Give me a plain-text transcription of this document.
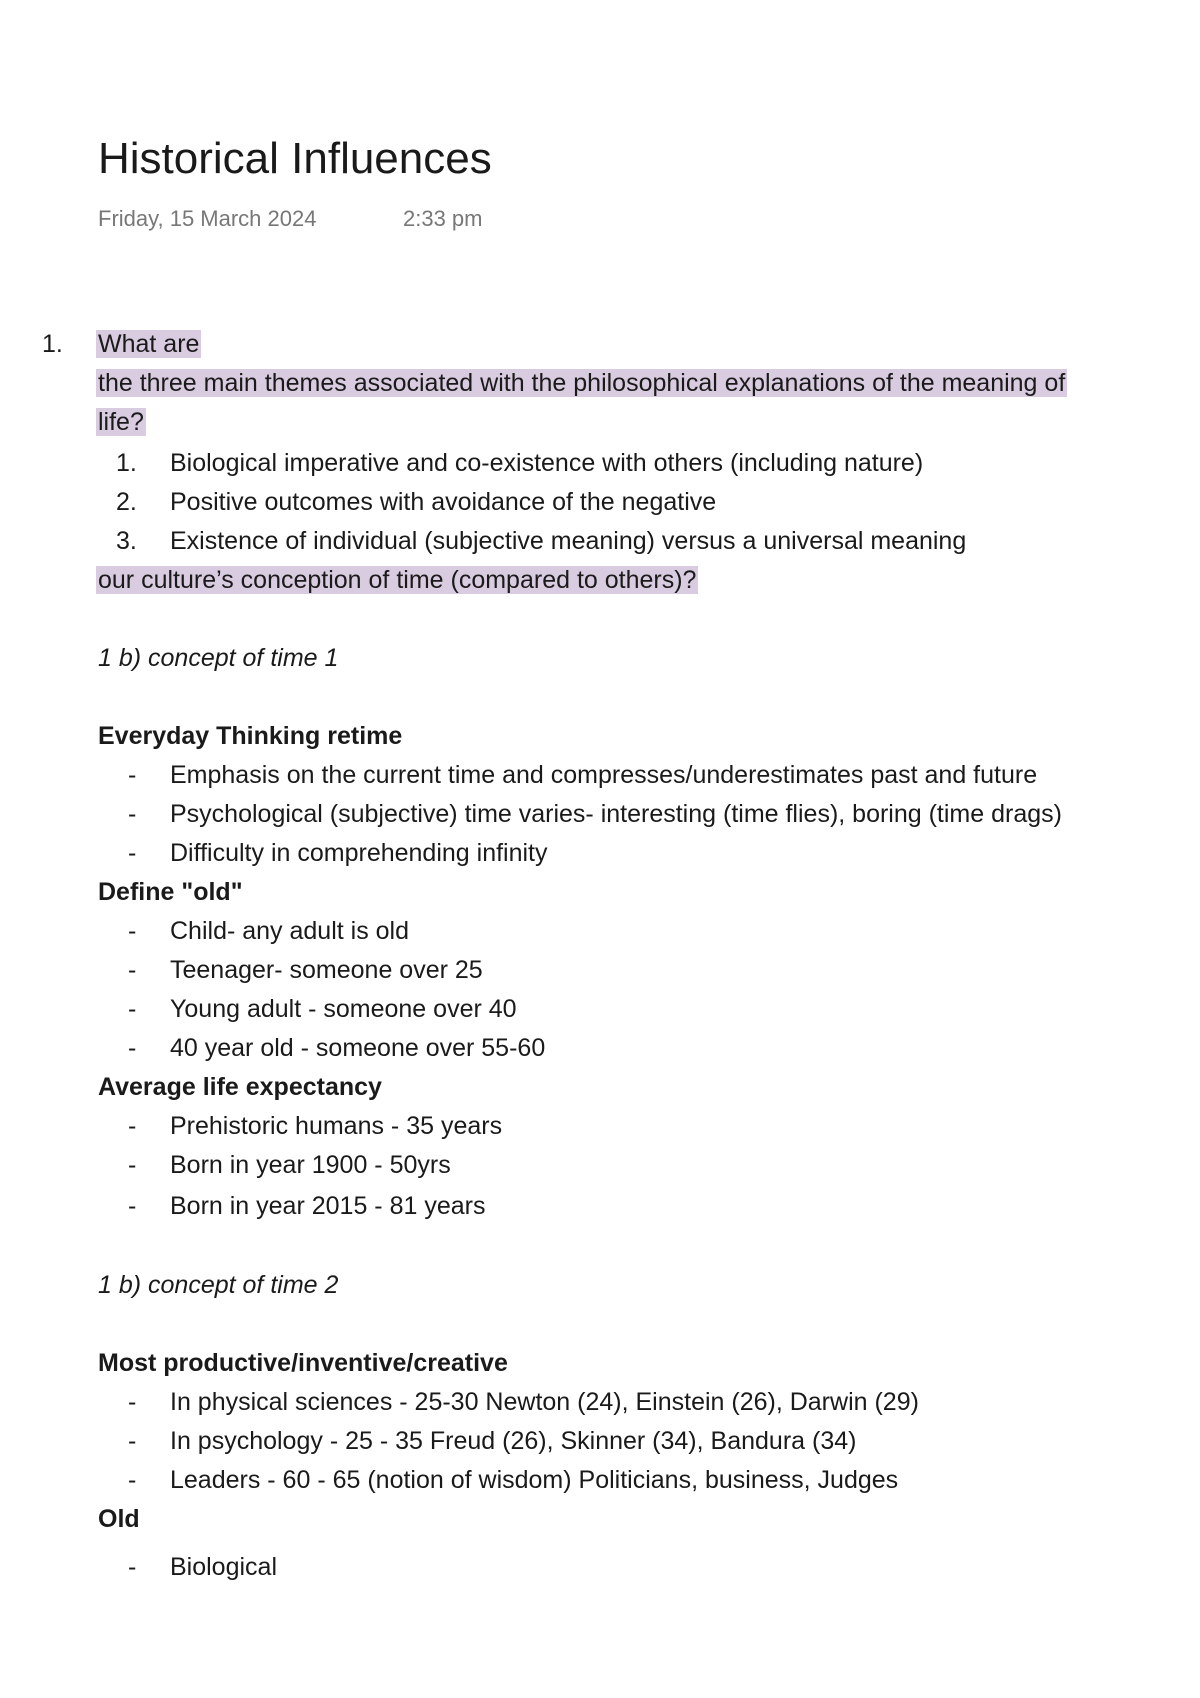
Historical Influences
Friday, 15 March 2024	2:33 pm
1. What are
the three main themes associated with the philosophical explanations of the meaning of
life?
1. Biological imperative and co-existence with others (including nature)
2. Positive outcomes with avoidance of the negative
3. Existence of individual (subjective meaning) versus a universal meaning
our culture’s conception of time (compared to others)?
1 b) concept of time 1
Everyday Thinking retime
- Emphasis on the current time and compresses/underestimates past and future
- Psychological (subjective) time varies- interesting (time flies), boring (time drags)
- Difficulty in comprehending infinity
Define "old"
- Child- any adult is old
- Teenager- someone over 25
- Young adult - someone over 40
- 40 year old - someone over 55-60
Average life expectancy
- Prehistoric humans - 35 years
- Born in year 1900 - 50yrs
- Born in year 2015 - 81 years
1 b) concept of time 2
Most productive/inventive/creative
- In physical sciences - 25-30 Newton (24), Einstein (26), Darwin (29)
- In psychology - 25 - 35 Freud (26), Skinner (34), Bandura (34)
- Leaders - 60 - 65 (notion of wisdom) Politicians, business, Judges
Old
- Biological
